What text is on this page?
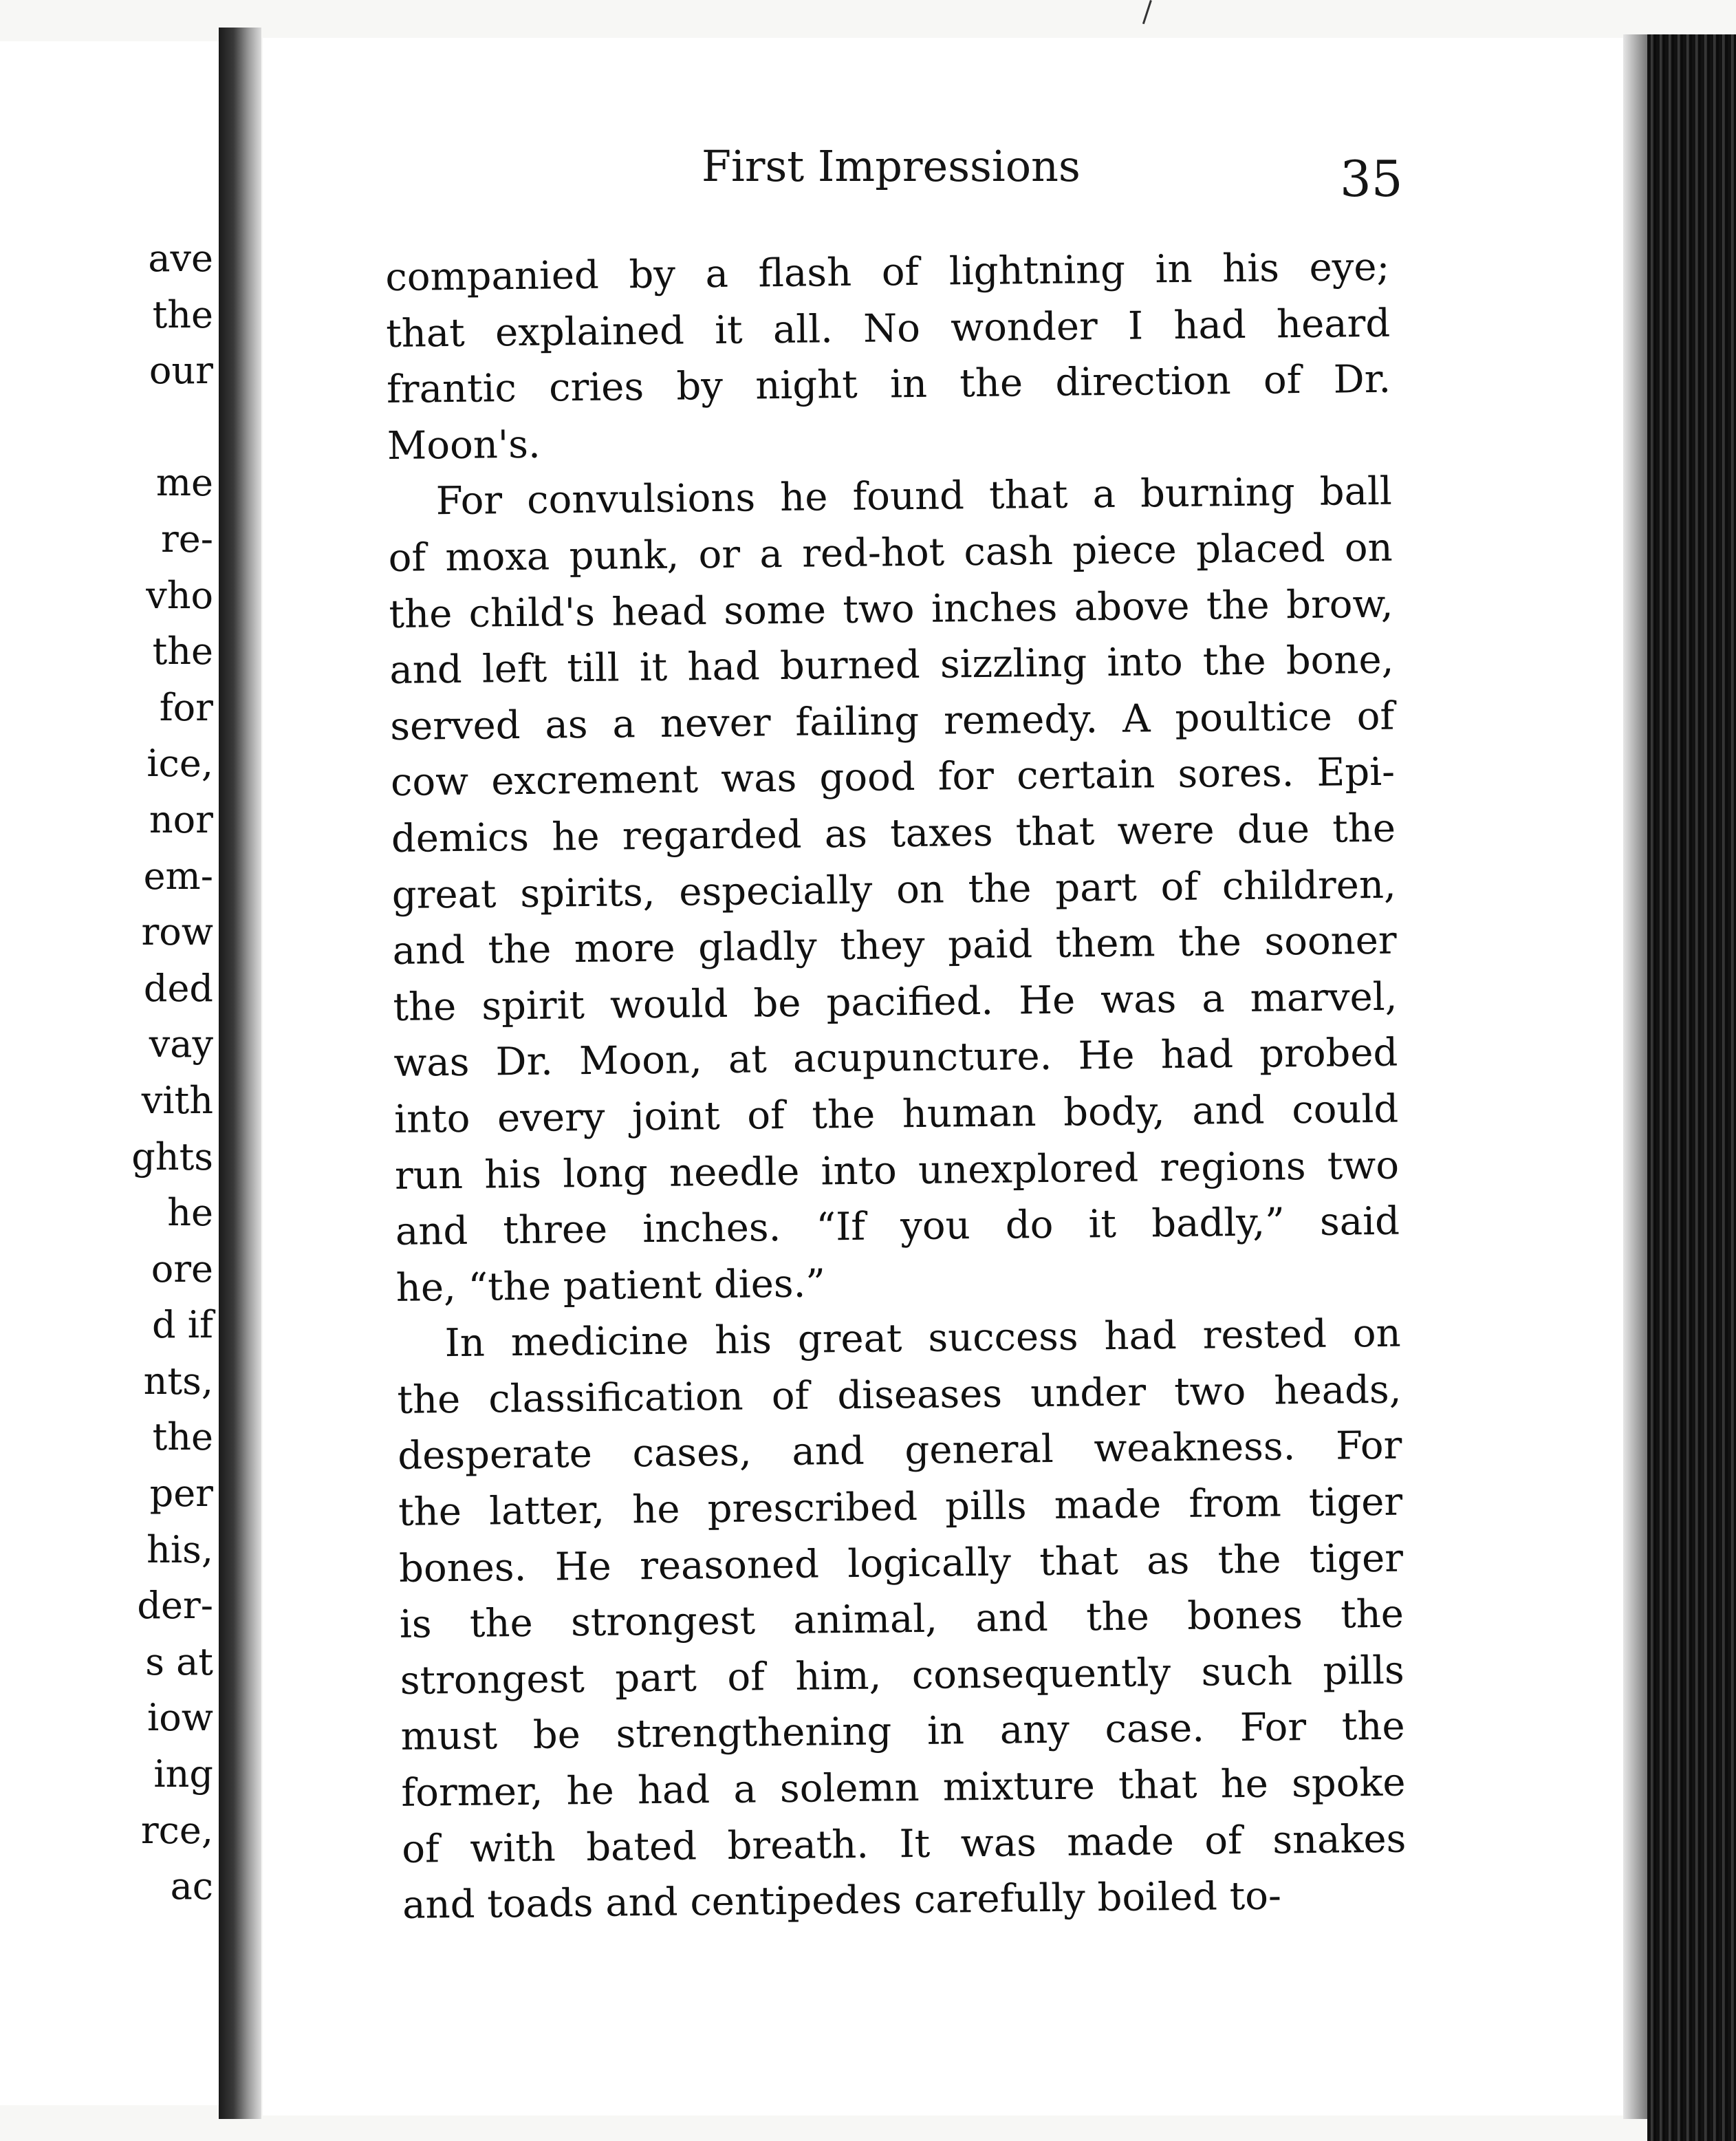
ave
the
our
me
re-
vho
the
for
ice,
nor
em-
row
ded
vay
vith
ghts
he
ore
d if
nts,
the
per
his,
der-
s at
iow
ing
rce,
ac
First Impressions	35
companied by a flash of lightning in his eye;
that explained it all. No wonder I had heard
frantic cries by night in the direction of Dr.
Moon's.
For convulsions he found that a burning ball
of moxa punk, or a red-hot cash piece placed on
the child's head some two inches above the brow,
and left till it had burned sizzling into the bone,
served as a never failing remedy. A poultice of
cow excrement was good for certain sores. Epi-
demics he regarded as taxes that were due the
great spirits, especially on the part of children,
and the more gladly they paid them the sooner
the spirit would be pacified. He was a marvel,
was Dr. Moon, at acupuncture. He had probed
into every joint of the human body, and could
run his long needle into unexplored regions two
and three inches. “If you do it badly,” said
he, “the patient dies.”
In medicine his great success had rested on
the classification of diseases under two heads,
desperate cases, and general weakness. For
the latter, he prescribed pills made from tiger
bones. He reasoned logically that as the tiger
is the strongest animal, and the bones the
strongest part of him, consequently such pills
must be strengthening in any case. For the
former, he had a solemn mixture that he spoke
of with bated breath. It was made of snakes
and toads and centipedes carefully boiled to-
